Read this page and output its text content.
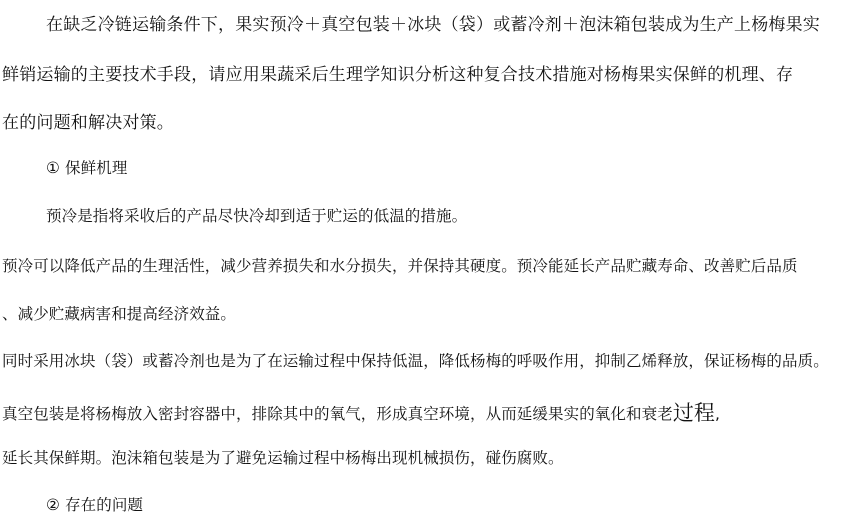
在缺乏冷链运输条件下，果实预冷＋真空包装＋冰块（袋）或蓄冷剂＋泡沫箱包装成为生产上杨梅果实
鲜销运输的主要技术手段，请应用果蔬采后生理学知识分析这种复合技术措施对杨梅果实保鲜的机理、存
在的问题和解决对策。
① 保鲜机理
预冷是指将采收后的产品尽快冷却到适于贮运的低温的措施。
预冷可以降低产品的生理活性，减少营养损失和水分损失，并保持其硬度。预冷能延长产品贮藏寿命、改善贮后品质
、减少贮藏病害和提高经济效益。
同时采用冰块（袋）或蓄冷剂也是为了在运输过程中保持低温，降低杨梅的呼吸作用，抑制乙烯释放，保证杨梅的品质。
真空包装是将杨梅放入密封容器中，排除其中的氧气，形成真空环境，从而延缓果实的氧化和衰老过程,
延长其保鲜期。泡沫箱包装是为了避免运输过程中杨梅出现机械损伤，碰伤腐败。
② 存在的问题
